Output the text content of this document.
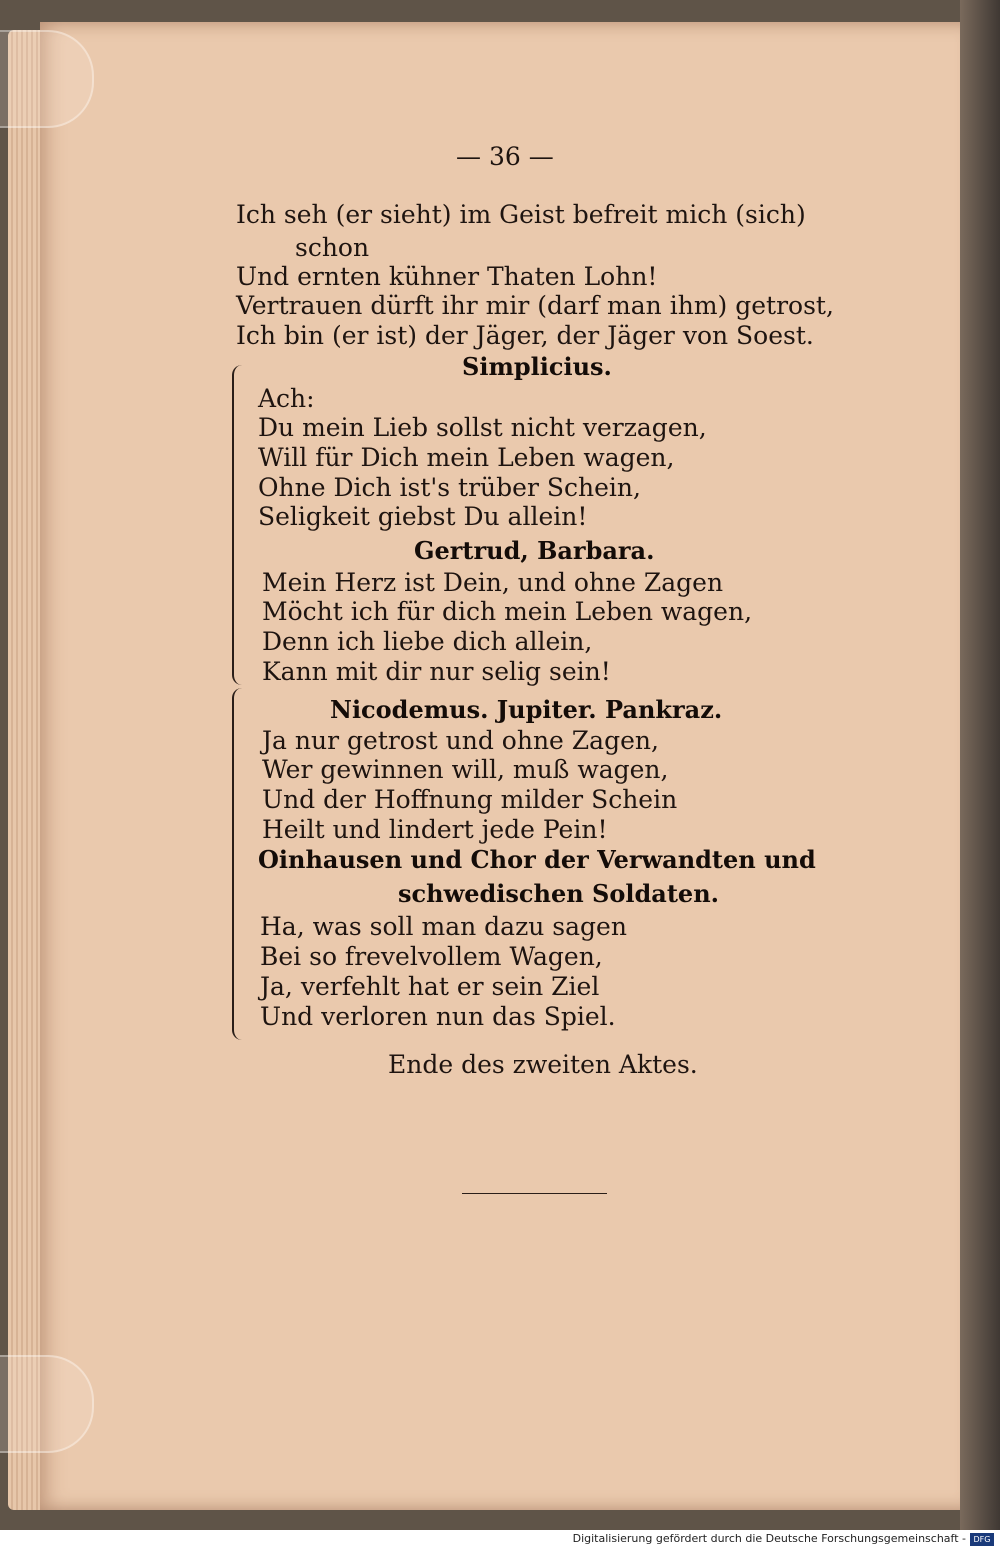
— 36 —
Ich seh (er sieht) im Geist befreit mich (sich)
schon
Und ernten kühner Thaten Lohn!
Vertrauen dürft ihr mir (darf man ihm) getrost,
Ich bin (er ist) der Jäger, der Jäger von Soest.
Simplicius.
Ach:
Du mein Lieb sollst nicht verzagen,
Will für Dich mein Leben wagen,
Ohne Dich ist's trüber Schein,
Seligkeit giebst Du allein!
Gertrud, Barbara.
Mein Herz ist Dein, und ohne Zagen
Möcht ich für dich mein Leben wagen,
Denn ich liebe dich allein,
Kann mit dir nur selig sein!
Nicodemus. Jupiter. Pankraz.
Ja nur getrost und ohne Zagen,
Wer gewinnen will, muß wagen,
Und der Hoffnung milder Schein
Heilt und lindert jede Pein!
Oinhausen und Chor der Verwandten und
schwedischen Soldaten.
Ha, was soll man dazu sagen
Bei so frevelvollem Wagen,
Ja, verfehlt hat er sein Ziel
Und verloren nun das Spiel.
Ende des zweiten Aktes.
Digitalisierung gefördert durch die Deutsche Forschungsgemeinschaft - DFG
